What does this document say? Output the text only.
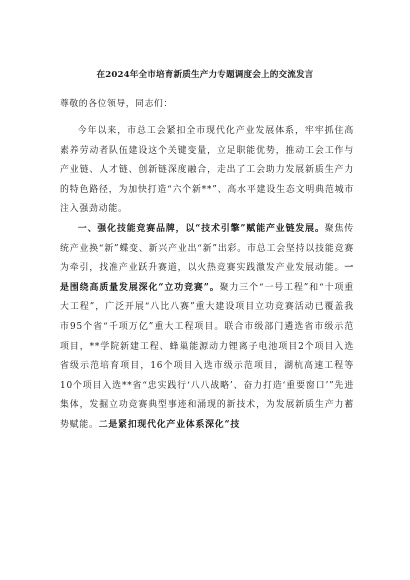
在2024年全市培育新质生产力专题调度会上的交流发言
尊敬的各位领导，同志们：

今年以来，市总工会紧扣全市现代化产业发展体系，牢牢抓住高素养劳动者队伍建设这个关键变量，立足职能优势，推动工会工作与产业链、人才链、创新链深度融合，走出了工会助力发展新质生产力的特色路径，为加快打造“六个新**”、高水平建设生态文明典范城市注入强劲动能。

一、强化技能竞赛品牌，以“技术引擎”赋能产业链发展。聚焦传统产业换“新”蝶变、新兴产业出“新”出彩。市总工会坚持以技能竞赛为牵引，找准产业跃升赛道，以火热竞赛实践激发产业发展动能。一是围绕高质量发展深化“立功竞赛”。聚力三个“一号工程”和“十项重大工程”，广泛开展“八比八赛”重大建设项目立功竞赛活动已覆盖我市95个省“千项万亿”重大工程项目。联合市级部门遴选省市级示范项目，**学院新建工程、蜂巢能源动力锂离子电池项目2个项目入选省级示范培育项目，16个项目入选市级示范项目，湖杭高速工程等10个项目入选**省“忠实践行‘八八战略’、奋力打造‘重要窗口’”先进集体，发掘立功竞赛典型事迹和涌现的新技术，为发展新质生产力蓄势赋能。二是紧扣现代化产业体系深化“技
